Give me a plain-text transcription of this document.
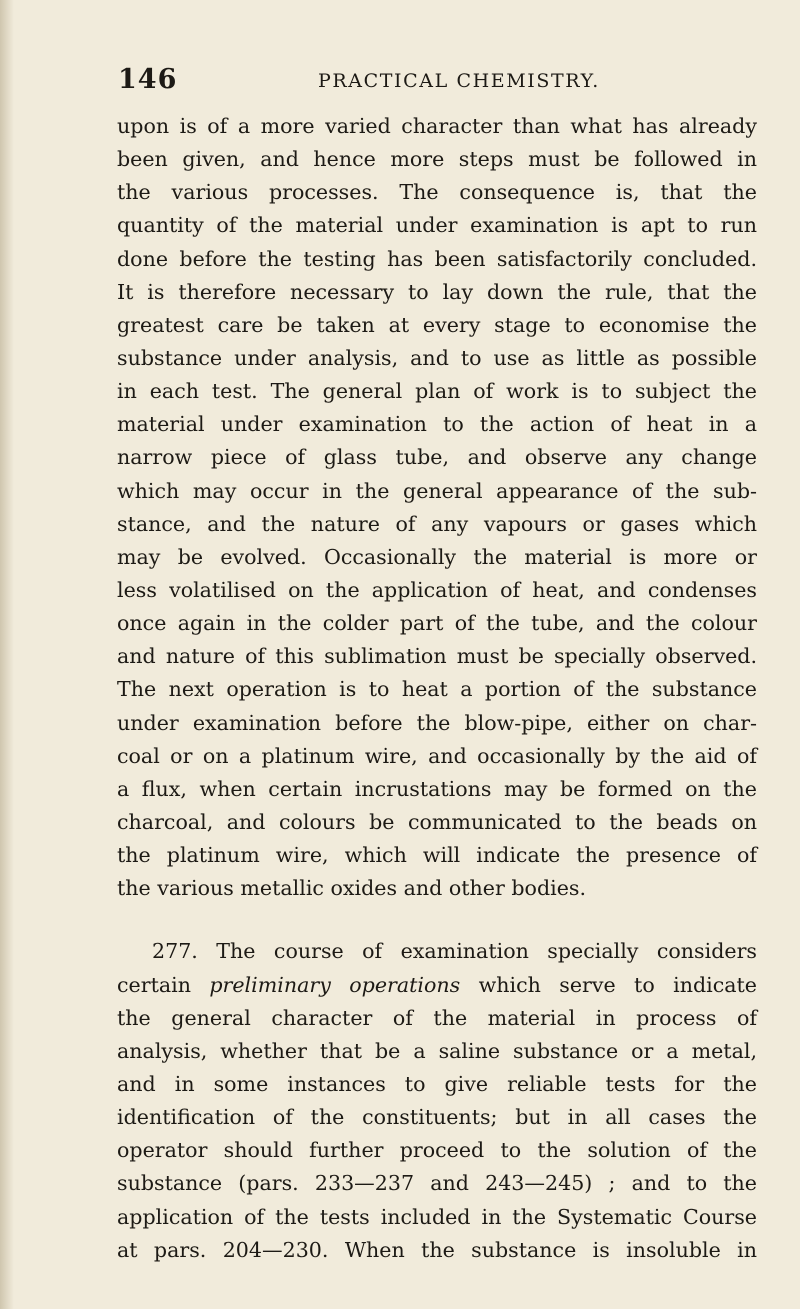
146	PRACTICAL CHEMISTRY.
upon is of a more varied character than what has already
been given, and hence more steps must be followed in
the various processes. The consequence is, that the
quantity of the material under examination is apt to run
done before the testing has been satisfactorily concluded.
It is therefore necessary to lay down the rule, that the
greatest care be taken at every stage to economise the
substance under analysis, and to use as little as possible
in each test. The general plan of work is to subject the
material under examination to the action of heat in a
narrow piece of glass tube, and observe any change
which may occur in the general appearance of the sub-
stance, and the nature of any vapours or gases which
may be evolved. Occasionally the material is more or
less volatilised on the application of heat, and condenses
once again in the colder part of the tube, and the colour
and nature of this sublimation must be specially observed.
The next operation is to heat a portion of the substance
under examination before the blow-pipe, either on char-
coal or on a platinum wire, and occasionally by the aid of
a flux, when certain incrustations may be formed on the
charcoal, and colours be communicated to the beads on
the platinum wire, which will indicate the presence of
the various metallic oxides and other bodies.
277. The course of examination specially considers
certain preliminary operations which serve to indicate
the general character of the material in process of
analysis, whether that be a saline substance or a metal,
and in some instances to give reliable tests for the
identification of the constituents; but in all cases the
operator should further proceed to the solution of the
substance (pars. 233—237 and 243—245) ; and to the
application of the tests included in the Systematic Course
at pars. 204—230. When the substance is insoluble in
